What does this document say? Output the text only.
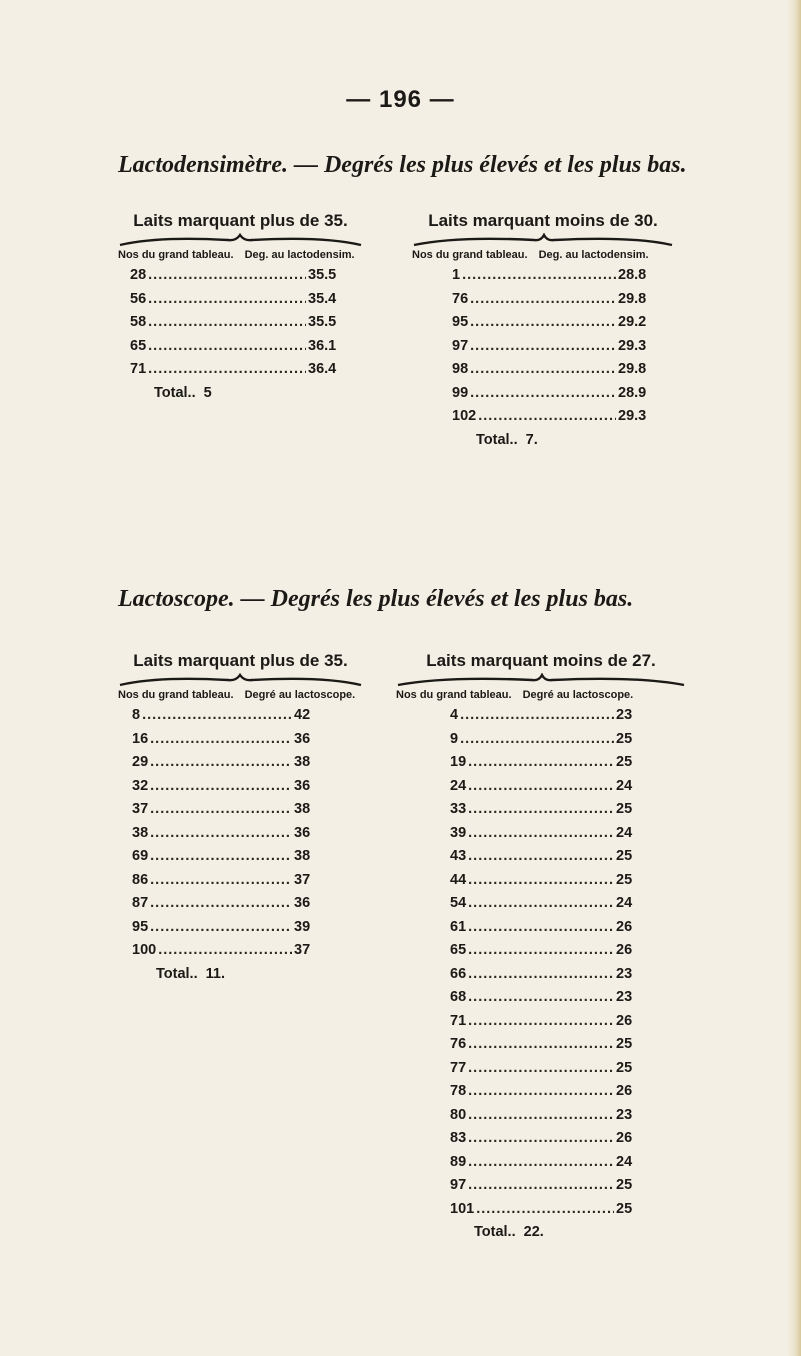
— 196 —
Lactodensimètre. — Degrés les plus élevés et les plus bas.
Laits marquant plus de 35.
Nos du grand tableau. Deg. au lactodensim.
28 .....	35.5
56 .....	35.4
58 .....	35.5
65 .....	36.1
71 .....	36.4
Total.. 5
Laits marquant moins de 30.
Nos du grand tableau. Deg. au lactodensim.
1 .....	28.8
76 .....	29.8
95 .....	29.2
97 .....	29.3
98 .....	29.8
99 .....	28.9
102 .....	29.3
Total.. 7.
Lactoscope. — Degrés les plus élevés et les plus bas.
Laits marquant plus de 35.
Nos du grand tableau. Degré au lactoscope.
8 .....	42
16 .....	36
29 .....	38
32 .....	36
37 .....	38
38 .....	36
69 .....	38
86 .....	37
87 .....	36
95 .....	39
100 .....	37
Total.. 11.
Laits marquant moins de 27.
Nos du grand tableau. Degré au lactoscope.
4 .....	23
9 .....	25
19 .....	25
24 .....	24
33 .....	25
39 .....	24
43 .....	25
44 .....	25
54 .....	24
61 .....	26
65 .....	26
66 .....	23
68 .....	23
71 .....	26
76 .....	25
77 .....	25
78 .....	26
80 .....	23
83 .....	26
89 .....	24
97 .....	25
101 .....	25
Total.. 22.
